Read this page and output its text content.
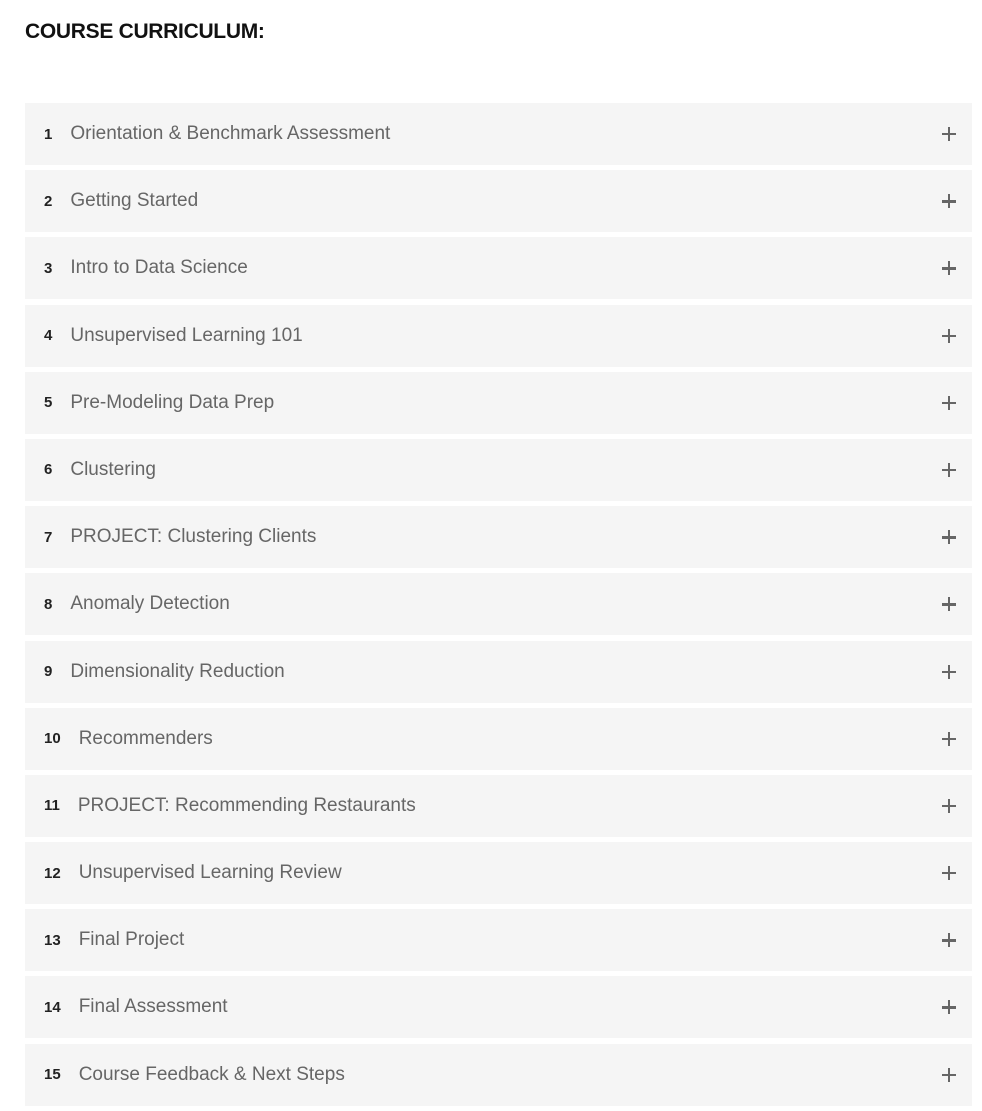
COURSE CURRICULUM:
1 Orientation & Benchmark Assessment
2 Getting Started
3 Intro to Data Science
4 Unsupervised Learning 101
5 Pre-Modeling Data Prep
6 Clustering
7 PROJECT: Clustering Clients
8 Anomaly Detection
9 Dimensionality Reduction
10 Recommenders
11 PROJECT: Recommending Restaurants
12 Unsupervised Learning Review
13 Final Project
14 Final Assessment
15 Course Feedback & Next Steps
